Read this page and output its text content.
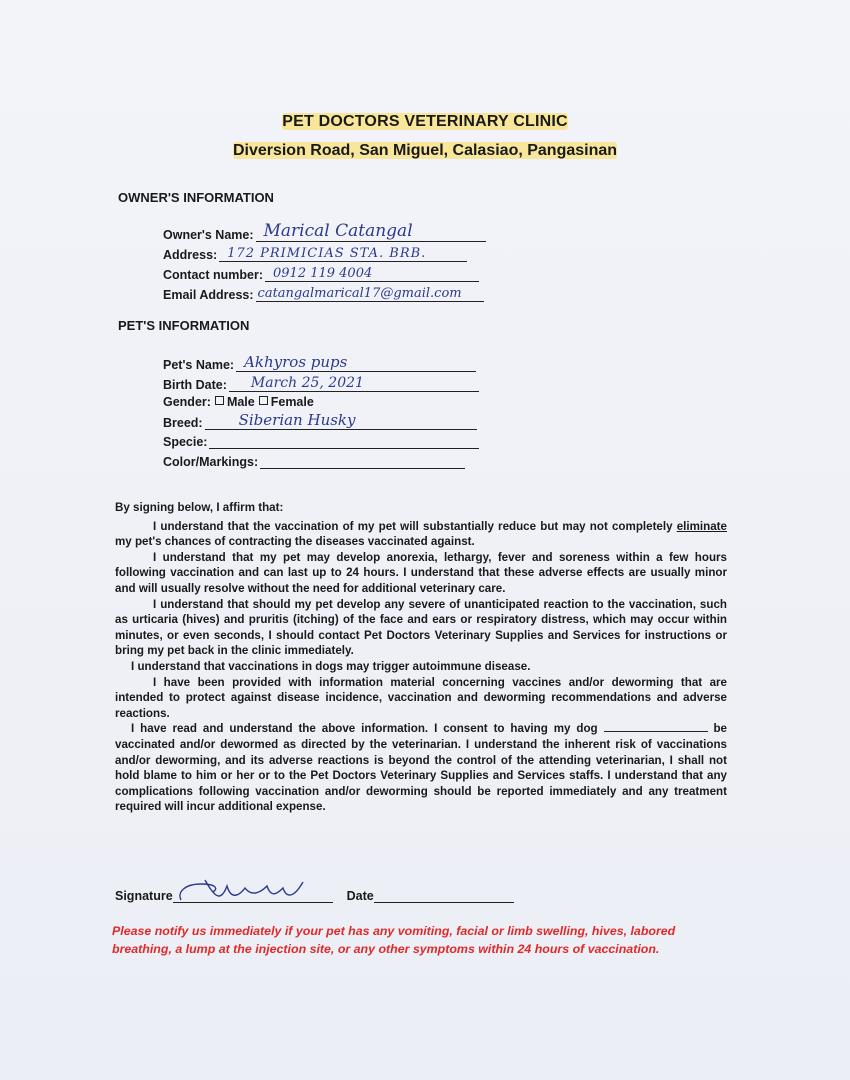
PET DOCTORS VETERINARY CLINIC
Diversion Road, San Miguel, Calasiao, Pangasinan
OWNER'S INFORMATION
Owner's Name: Marical Catangal
Address: 172 PRIMICIAS STA. BRB.
Contact number: 0912 119 4004
Email Address: catangalmarical17@gmail.com
PET'S INFORMATION
Pet's Name: Akhyros pups
Birth Date: March 25, 2021
Gender: Male Female
Breed: Siberian Husky
Specie:
Color/Markings:

By signing below, I affirm that:

I understand that the vaccination of my pet will substantially reduce but may not completely eliminate my pet's chances of contracting the diseases vaccinated against.

I understand that my pet may develop anorexia, lethargy, fever and soreness within a few hours following vaccination and can last up to 24 hours. I understand that these adverse effects are usually minor and will usually resolve without the need for additional veterinary care.

I understand that should my pet develop any severe of unanticipated reaction to the vaccination, such as urticaria (hives) and pruritis (itching) of the face and ears or respiratory distress, which may occur within minutes, or even seconds, I should contact Pet Doctors Veterinary Supplies and Services for instructions or bring my pet back in the clinic immediately.

I understand that vaccinations in dogs may trigger autoimmune disease.

I have been provided with information material concerning vaccines and/or deworming that are intended to protect against disease incidence, vaccination and deworming recommendations and adverse reactions.

I have read and understand the above information. I consent to having my dog	be vaccinated and/or dewormed as directed by the veterinarian. I understand the inherent risk of vaccinations and/or deworming, and its adverse reactions is beyond the control of the attending veterinarian, I shall not hold blame to him or her or to the Pet Doctors Veterinary Supplies and Services staffs. I understand that any complications following vaccination and/or deworming should be reported immediately and any treatment required will incur additional expense.

Signature	Date
Please notify us immediately if your pet has any vomiting, facial or limb swelling, hives, labored breathing, a lump at the injection site, or any other symptoms within 24 hours of vaccination.
